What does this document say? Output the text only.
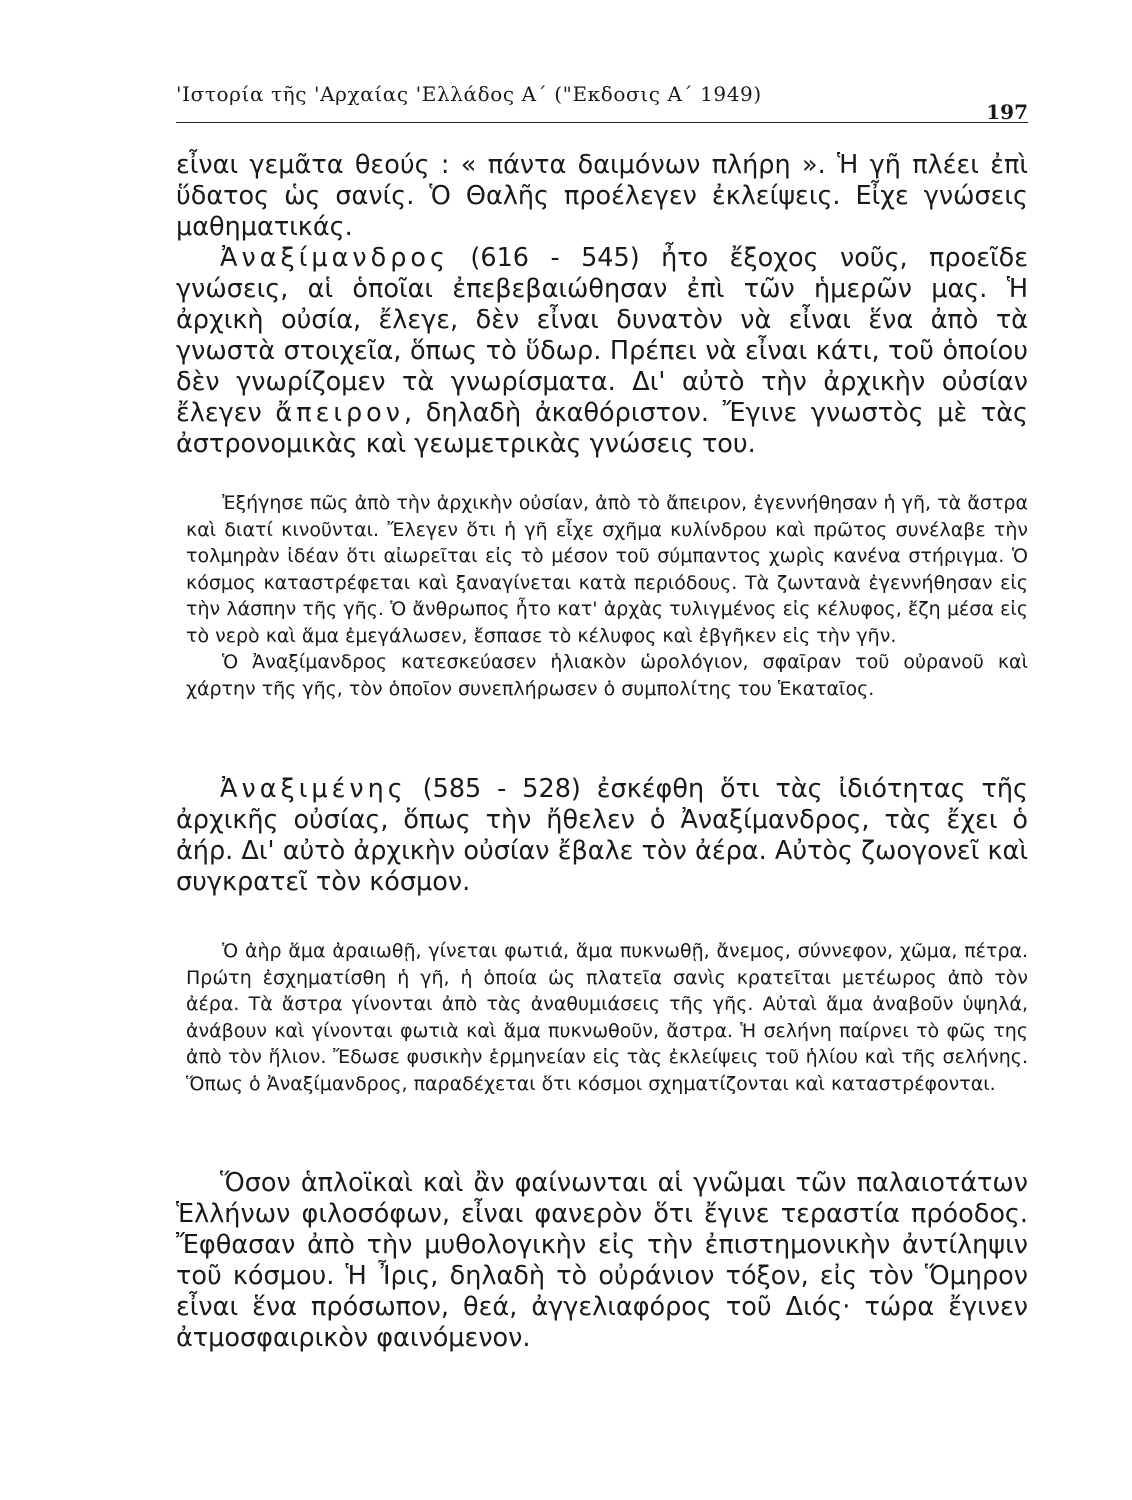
'Ιστορία τῆς 'Αρχαίας 'Ελλάδος Α΄ ("Εκδοσις Α΄ 1949)
197

εἶναι γεμᾶτα θεούς : « πάντα δαιμόνων πλήρη ». Ἡ γῆ πλέει ἐπὶ ὕδατος ὡς σανίς. Ὁ Θαλῆς προέλεγεν ἐκλείψεις. Εἶχε γνώσεις μαθηματικάς.

Ἀναξίμανδρος (616 - 545) ἦτο ἔξοχος νοῦς, προεῖδε γνώσεις, αἱ ὁποῖαι ἐπεβεβαιώθησαν ἐπὶ τῶν ἡμερῶν μας. Ἡ ἀρχικὴ οὐσία, ἔλεγε, δὲν εἶναι δυνατὸν νὰ εἶναι ἕνα ἀπὸ τὰ γνωστὰ στοιχεῖα, ὅπως τὸ ὕδωρ. Πρέπει νὰ εἶναι κάτι, τοῦ ὁποίου δὲν γνωρίζομεν τὰ γνωρίσματα. Δι' αὐτὸ τὴν ἀρχικὴν οὐσίαν ἔλεγεν ἄπειρον, δηλαδὴ ἀκαθόριστον. Ἔγινε γνωστὸς μὲ τὰς ἀστρονομικὰς καὶ γεωμετρικὰς γνώσεις του.

Ἐξήγησε πῶς ἀπὸ τὴν ἀρχικὴν οὐσίαν, ἀπὸ τὸ ἄπειρον, ἐγεννήθησαν ἡ γῆ, τὰ ἄστρα καὶ διατί κινοῦνται. Ἔλεγεν ὅτι ἡ γῆ εἶχε σχῆμα κυλίνδρου καὶ πρῶτος συνέλαβε τὴν τολμηρὰν ἰδέαν ὅτι αἰωρεῖται εἰς τὸ μέσον τοῦ σύμπαντος χωρὶς κανένα στήριγμα. Ὁ κόσμος καταστρέφεται καὶ ξαναγίνεται κατὰ περιόδους. Τὰ ζωντανὰ ἐγεννήθησαν εἰς τὴν λάσπην τῆς γῆς. Ὁ ἄνθρωπος ἦτο κατ' ἀρχὰς τυλιγμένος εἰς κέλυφος, ἔζη μέσα εἰς τὸ νερὸ καὶ ἅμα ἐμεγάλωσεν, ἔσπασε τὸ κέλυφος καὶ ἐβγῆκεν εἰς τὴν γῆν.

Ὁ Ἀναξίμανδρος κατεσκεύασεν ἡλιακὸν ὡρολόγιον, σφαῖραν τοῦ οὐρανοῦ καὶ χάρτην τῆς γῆς, τὸν ὁποῖον συνεπλήρωσεν ὁ συμπολίτης του Ἑκαταῖος.

Ἀναξιμένης (585 - 528) ἐσκέφθη ὅτι τὰς ἰδιότητας τῆς ἀρχικῆς οὐσίας, ὅπως τὴν ἤθελεν ὁ Ἀναξίμανδρος, τὰς ἔχει ὁ ἀήρ. Δι' αὐτὸ ἀρχικὴν οὐσίαν ἔβαλε τὸν ἀέρα. Αὐτὸς ζωογονεῖ καὶ συγκρατεῖ τὸν κόσμον.

Ὁ ἀὴρ ἅμα ἀραιωθῇ, γίνεται φωτιά, ἅμα πυκνωθῇ, ἄνεμος, σύννεφον, χῶμα, πέτρα. Πρώτη ἐσχηματίσθη ἡ γῆ, ἡ ὁποία ὡς πλατεῖα σανὶς κρατεῖται μετέωρος ἀπὸ τὸν ἀέρα. Τὰ ἄστρα γίνονται ἀπὸ τὰς ἀναθυμιάσεις τῆς γῆς. Αὐταὶ ἅμα ἀναβοῦν ὑψηλά, ἀνάβουν καὶ γίνονται φωτιὰ καὶ ἅμα πυκνωθοῦν, ἄστρα. Ἡ σελήνη παίρνει τὸ φῶς της ἀπὸ τὸν ἥλιον. Ἔδωσε φυσικὴν ἑρμηνείαν εἰς τὰς ἐκλείψεις τοῦ ἡλίου καὶ τῆς σελήνης. Ὅπως ὁ Ἀναξίμανδρος, παραδέχεται ὅτι κόσμοι σχηματίζονται καὶ καταστρέφονται.

Ὅσον ἁπλοϊκαὶ καὶ ἂν φαίνωνται αἱ γνῶμαι τῶν παλαιοτάτων Ἑλλήνων φιλοσόφων, εἶναι φανερὸν ὅτι ἔγινε τεραστία πρόοδος. Ἔφθασαν ἀπὸ τὴν μυθολογικὴν εἰς τὴν ἐπιστημονικὴν ἀντίληψιν τοῦ κόσμου. Ἡ Ἶρις, δηλαδὴ τὸ οὐράνιον τόξον, εἰς τὸν Ὅμηρον εἶναι ἕνα πρόσωπον, θεά, ἀγγελιαφόρος τοῦ Διός· τώρα ἔγινεν ἀτμοσφαιρικὸν φαινόμενον.
